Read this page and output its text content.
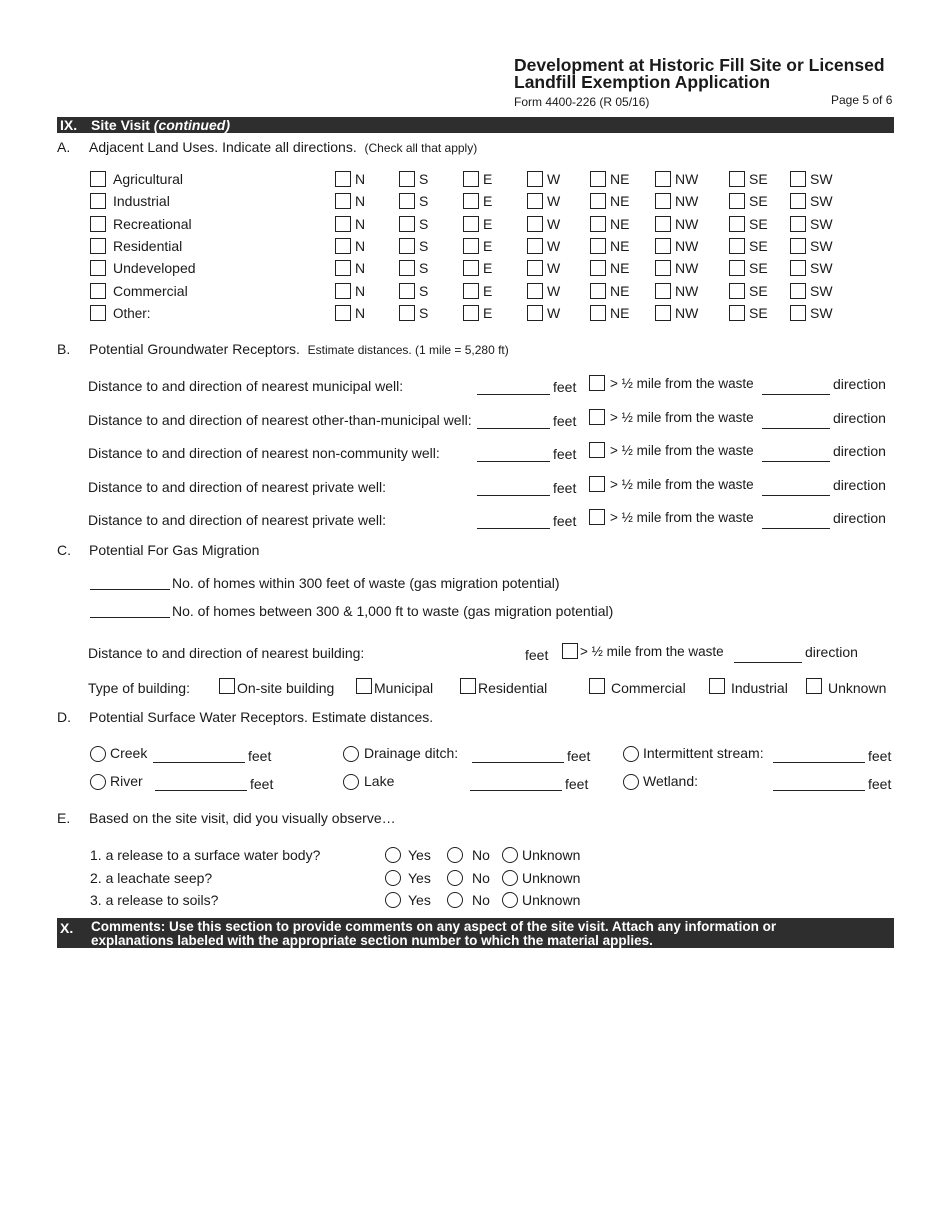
Development at Historic Fill Site or Licensed
Landfill Exemption Application
Form 4400-226 (R 05/16)	Page 5 of 6
IX. Site Visit (continued)
A. Adjacent Land Uses. Indicate all directions. (Check all that apply)
B. Potential Groundwater Receptors. Estimate distances. (1 mile = 5,280 ft)
C. Potential For Gas Migration
No. of homes within 300 feet of waste (gas migration potential)
No. of homes between 300 & 1,000 ft to waste (gas migration potential)
Distance to and direction of nearest building:	feet > ½ mile from the waste	direction
Type of building:
D. Potential Surface Water Receptors. Estimate distances.
E. Based on the site visit, did you visually observe…
X. Comments: Use this section to provide comments on any aspect of the site visit. Attach any information or
explanations labeled with the appropriate section number to which the material applies.
Agricultural	N	S	E	W	NE	NW	SE	SW
Industrial	N	S	E	W	NE	NW	SE	SW
Recreational	N	S	E	W	NE	NW	SE	SW
Residential	N	S	E	W	NE	NW	SE	SW
Undeveloped	N	S	E	W	NE	NW	SE	SW
Commercial	N	S	E	W	NE	NW	SE	SW
Other:	N	S	E	W	NE	NW	SE	SW
Distance to and direction of nearest municipal well:	feet > ½ mile from the waste	direction
Distance to and direction of nearest other-than-municipal well:	feet > ½ mile from the waste	direction
Distance to and direction of nearest non-community well:	feet > ½ mile from the waste	direction
Distance to and direction of nearest private well:	feet > ½ mile from the waste	direction
Distance to and direction of nearest private well:	feet > ½ mile from the waste	direction
On-site building	Municipal	Residential	Commercial	Industrial	Unknown
Creek	feet	Drainage ditch:	feet	Intermittent stream:	feet
River	feet	Lake	feet	Wetland:	feet
1. a release to a surface water body?	Yes	No Unknown
2. a leachate seep?	Yes	No Unknown
3. a release to soils?	Yes	No Unknown
